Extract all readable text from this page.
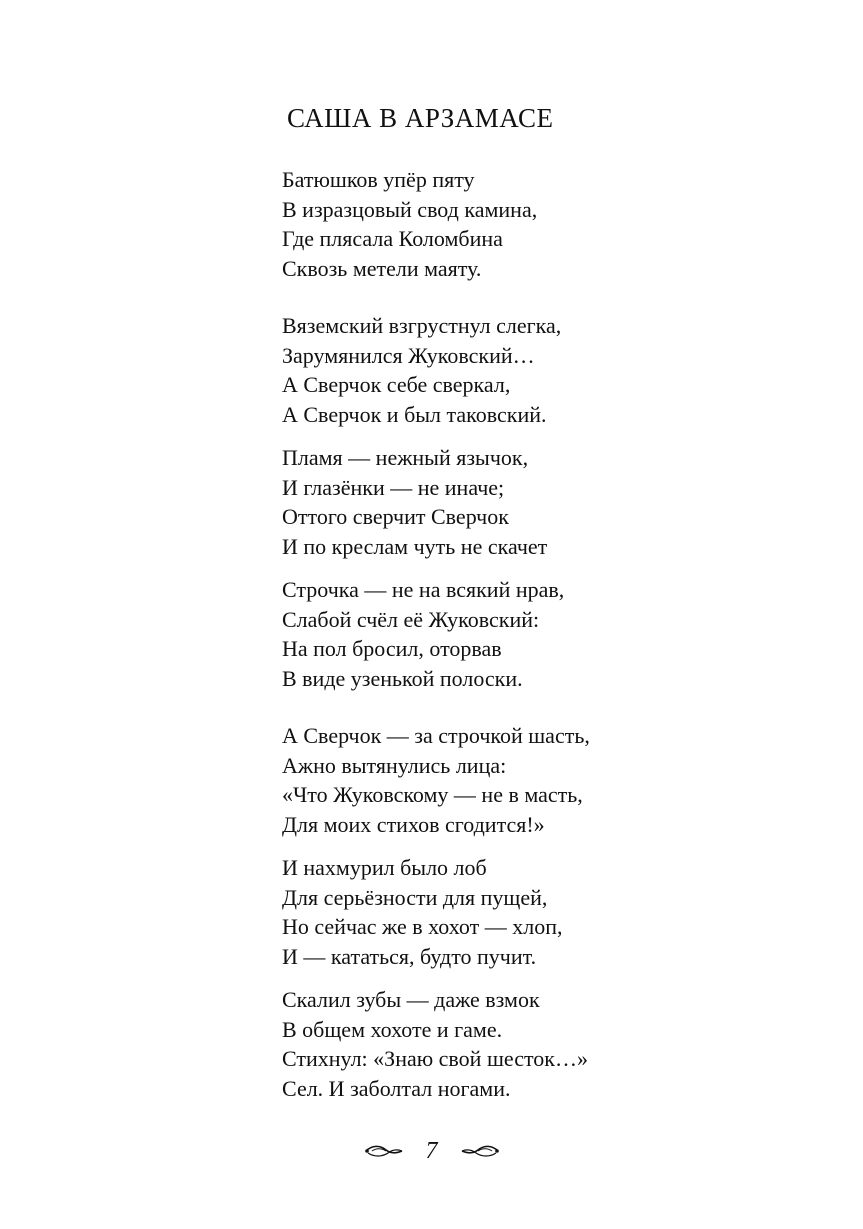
САША В АРЗАМАСЕ
Батюшков упёр пяту
В изразцовый свод камина,
Где плясала Коломбина
Сквозь метели маяту.
Вяземский взгрустнул слегка,
Зарумянился Жуковский…
А Сверчок себе сверкал,
А Сверчок и был таковский.
Пламя — нежный язычок,
И глазёнки — не иначе;
Оттого сверчит Сверчок
И по креслам чуть не скачет
Строчка — не на всякий нрав,
Слабой счёл её Жуковский:
На пол бросил, оторвав
В виде узенькой полоски.
А Сверчок — за строчкой шасть,
Ажно вытянулись лица:
«Что Жуковскому — не в масть,
Для моих стихов сгодится!»
И нахмурил было лоб
Для серьёзности для пущей,
Но сейчас же в хохот — хлоп,
И — кататься, будто пучит.
Скалил зубы — даже взмок
В общем хохоте и гаме.
Стихнул: «Знаю свой шесток…»
Сел. И заболтал ногами.
7
